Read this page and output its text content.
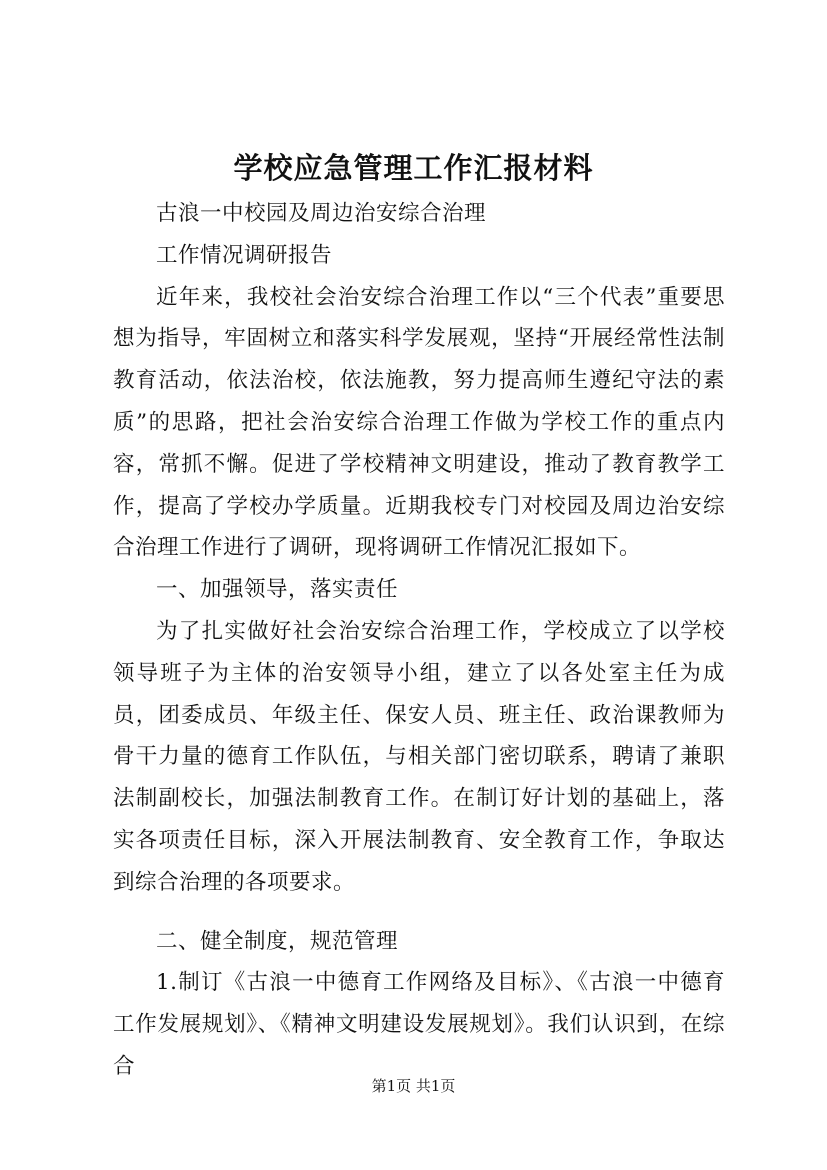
学校应急管理工作汇报材料

古浪一中校园及周边治安综合治理

工作情况调研报告

近年来，我校社会治安综合治理工作以“三个代表”重要思想为指导，牢固树立和落实科学发展观，坚持“开展经常性法制教育活动，依法治校，依法施教，努力提高师生遵纪守法的素质”的思路，把社会治安综合治理工作做为学校工作的重点内容，常抓不懈。促进了学校精神文明建设，推动了教育教学工作，提高了学校办学质量。近期我校专门对校园及周边治安综合治理工作进行了调研，现将调研工作情况汇报如下。

一、加强领导，落实责任

为了扎实做好社会治安综合治理工作，学校成立了以学校领导班子为主体的治安领导小组，建立了以各处室主任为成员，团委成员、年级主任、保安人员、班主任、政治课教师为骨干力量的德育工作队伍，与相关部门密切联系，聘请了兼职法制副校长，加强法制教育工作。在制订好计划的基础上，落实各项责任目标，深入开展法制教育、安全教育工作，争取达到综合治理的各项要求。

二、健全制度，规范管理

1.制订《古浪一中德育工作网络及目标》、《古浪一中德育工作发展规划》、《精神文明建设发展规划》。我们认识到，在综合

第1页 共1页
